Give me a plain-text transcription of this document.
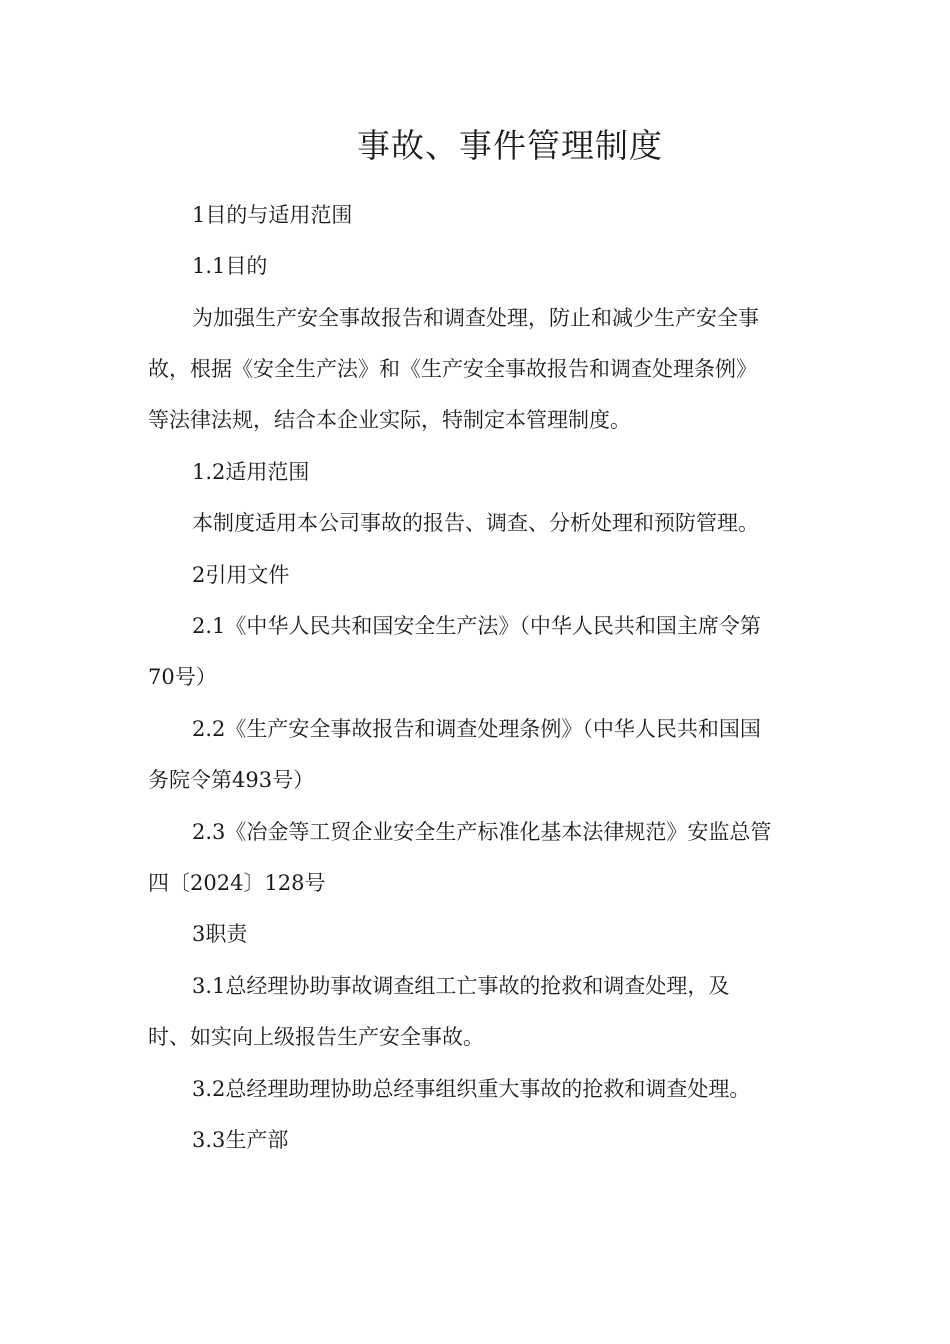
事故、事件管理制度
1目的与适用范围
1.1目的
为加强生产安全事故报告和调查处理，防止和减少生产安全事
故，根据《安全生产法》和《生产安全事故报告和调查处理条例》
等法律法规，结合本企业实际，特制定本管理制度。
1.2适用范围
本制度适用本公司事故的报告、调查、分析处理和预防管理。
2引用文件
2.1《中华人民共和国安全生产法》（中华人民共和国主席令第
70号）
2.2《生产安全事故报告和调查处理条例》（中华人民共和国国
务院令第493号）
2.3《冶金等工贸企业安全生产标准化基本法律规范》安监总管
四〔2024〕128号
3职责
3.1总经理协助事故调查组工亡事故的抢救和调查处理，及
时、如实向上级报告生产安全事故。
3.2总经理助理协助总经事组织重大事故的抢救和调查处理。
3.3生产部
